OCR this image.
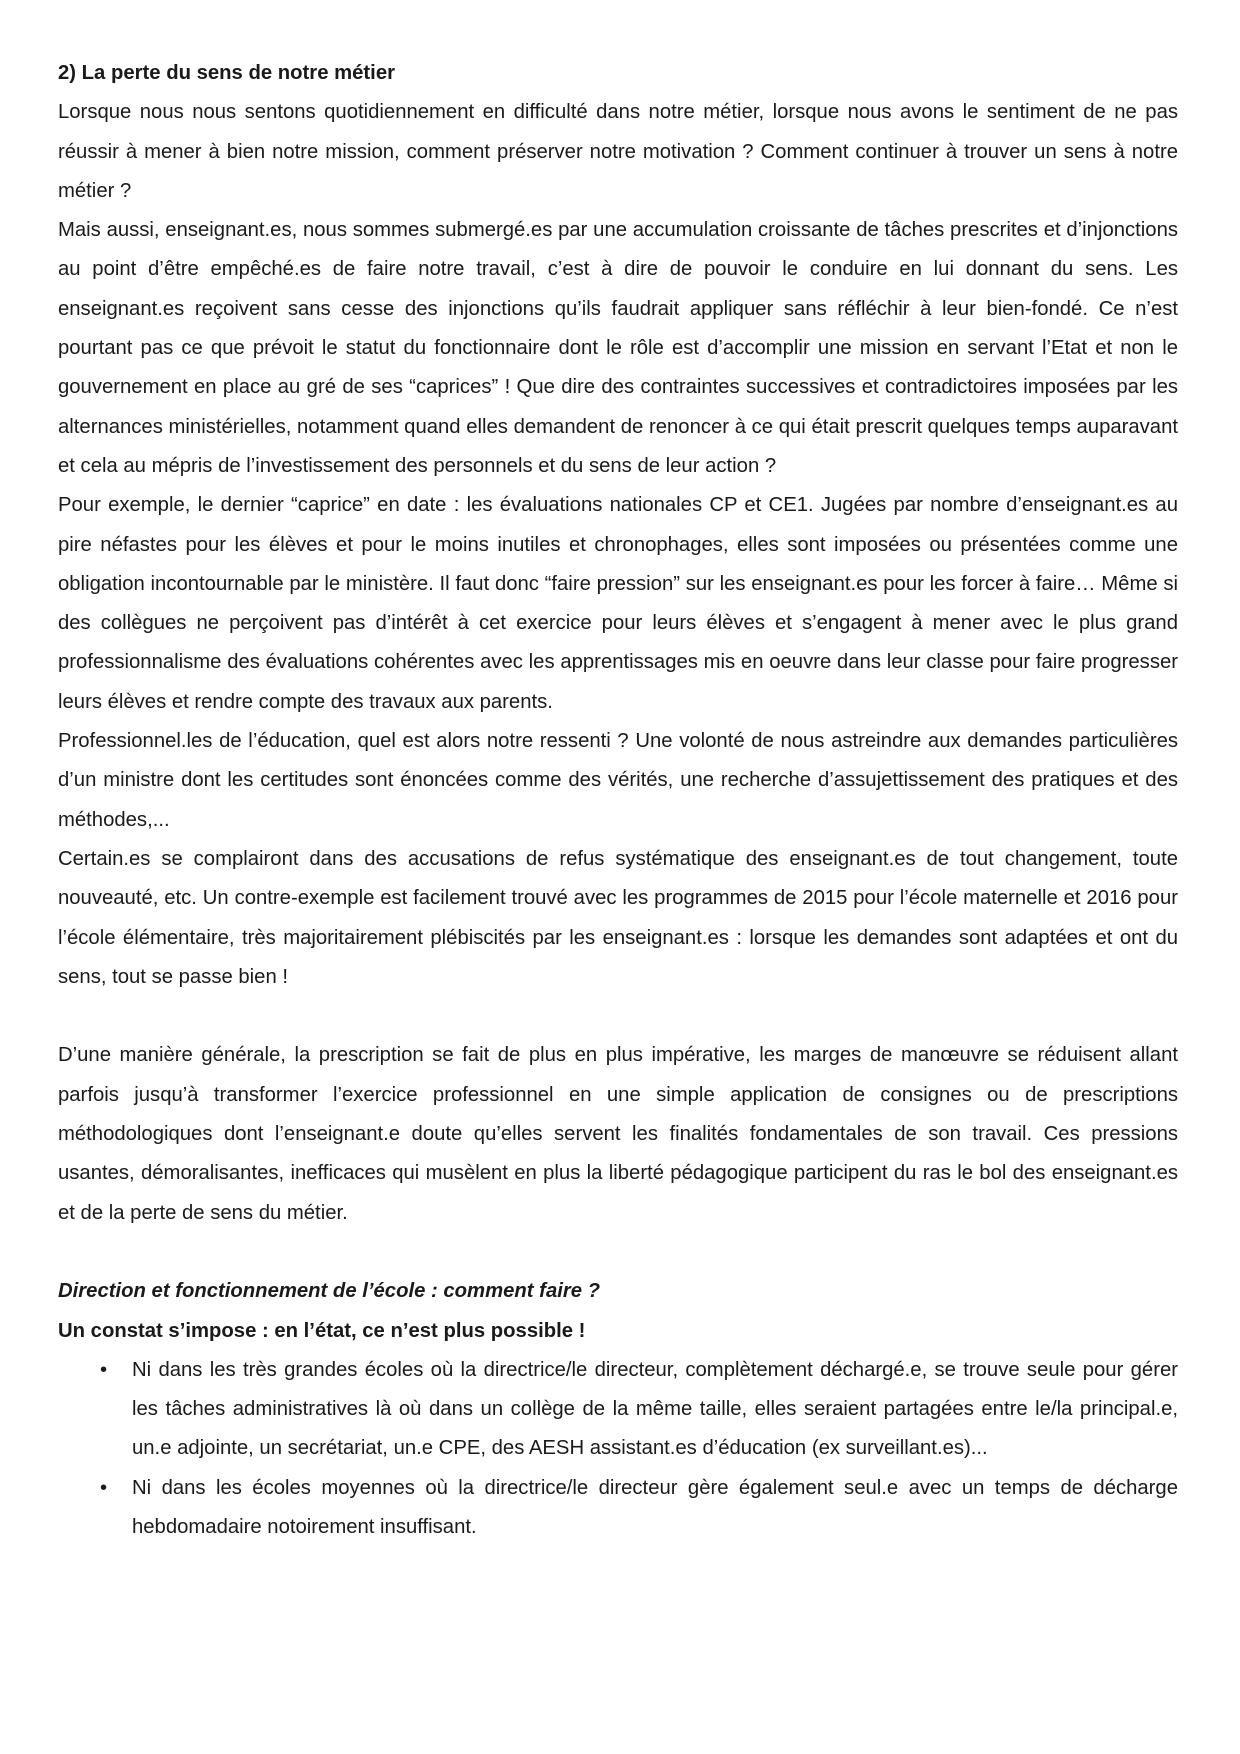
2) La perte du sens de notre métier

Lorsque nous nous sentons quotidiennement en difficulté dans notre métier, lorsque nous avons le sentiment de ne pas réussir à mener à bien notre mission, comment préserver notre motivation ? Comment continuer à trouver un sens à notre métier ?

Mais aussi, enseignant.es, nous sommes submergé.es par une accumulation croissante de tâches prescrites et d’injonctions au point d’être empêché.es de faire notre travail, c’est à dire de pouvoir le conduire en lui donnant du sens. Les enseignant.es reçoivent sans cesse des injonctions qu’ils faudrait appliquer sans réfléchir à leur bien-fondé. Ce n’est pourtant pas ce que prévoit le statut du fonctionnaire dont le rôle est d’accomplir une mission en servant l’Etat et non le gouvernement en place au gré de ses “caprices” ! Que dire des contraintes successives et contradictoires imposées par les alternances ministérielles, notamment quand elles demandent de renoncer à ce qui était prescrit quelques temps auparavant et cela au mépris de l’investissement des personnels et du sens de leur action ?

Pour exemple, le dernier “caprice” en date : les évaluations nationales CP et CE1. Jugées par nombre d’enseignant.es au pire néfastes pour les élèves et pour le moins inutiles et chronophages, elles sont imposées ou présentées comme une obligation incontournable par le ministère. Il faut donc “faire pression” sur les enseignant.es pour les forcer à faire… Même si des collègues ne perçoivent pas d’intérêt à cet exercice pour leurs élèves et s’engagent à mener avec le plus grand professionnalisme des évaluations cohérentes avec les apprentissages mis en oeuvre dans leur classe pour faire progresser leurs élèves et rendre compte des travaux aux parents.

Professionnel.les de l’éducation, quel est alors notre ressenti ? Une volonté de nous astreindre aux demandes particulières d’un ministre dont les certitudes sont énoncées comme des vérités, une recherche d’assujettissement des pratiques et des méthodes,...

Certain.es se complairont dans des accusations de refus systématique des enseignant.es de tout changement, toute nouveauté, etc. Un contre-exemple est facilement trouvé avec les programmes de 2015 pour l’école maternelle et 2016 pour l’école élémentaire, très majoritairement plébiscités par les enseignant.es : lorsque les demandes sont adaptées et ont du sens, tout se passe bien !

D’une manière générale, la prescription se fait de plus en plus impérative, les marges de manœuvre se réduisent allant parfois jusqu’à transformer l’exercice professionnel en une simple application de consignes ou de prescriptions méthodologiques dont l’enseignant.e doute qu’elles servent les finalités fondamentales de son travail. Ces pressions usantes, démoralisantes, inefficaces qui musèlent en plus la liberté pédagogique participent du ras le bol des enseignant.es et de la perte de sens du métier.

Direction et fonctionnement de l’école : comment faire ?

Un constat s’impose : en l’état, ce n’est plus possible !

• Ni dans les très grandes écoles où la directrice/le directeur, complètement déchargé.e, se trouve seule pour gérer les tâches administratives là où dans un collège de la même taille, elles seraient partagées entre le/la principal.e, un.e adjointe, un secrétariat, un.e CPE, des AESH assistant.es d’éducation (ex surveillant.es)...
• Ni dans les écoles moyennes où la directrice/le directeur gère également seul.e avec un temps de décharge hebdomadaire notoirement insuffisant.
